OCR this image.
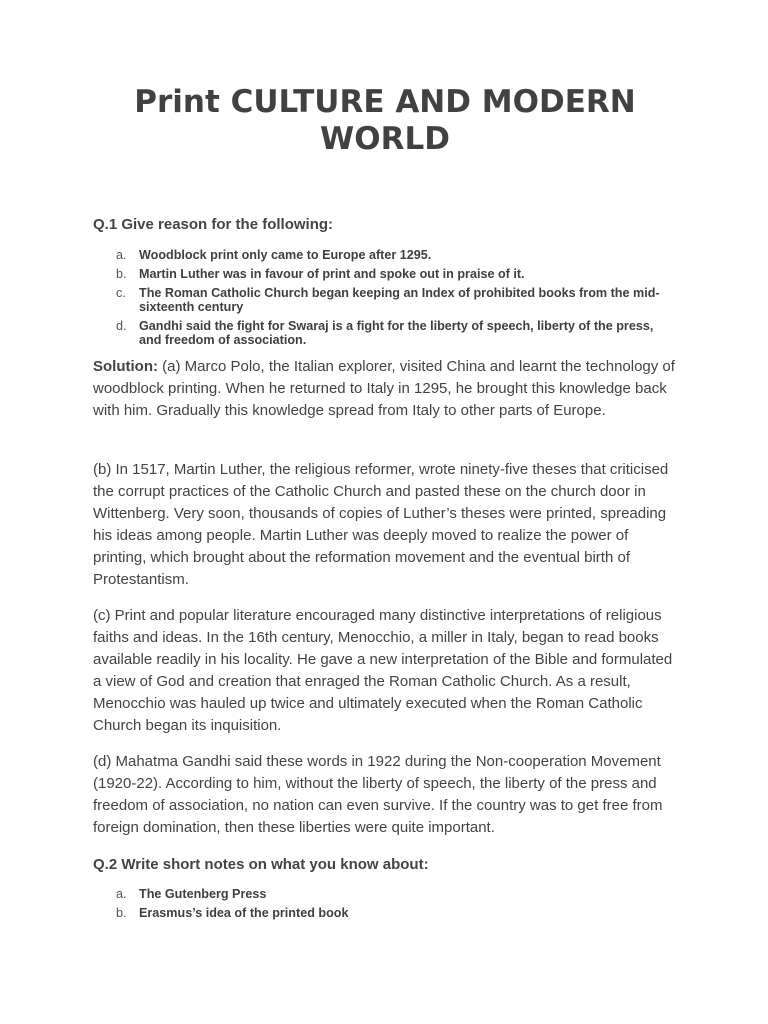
Print CULTURE AND MODERN WORLD

Q.1 Give reason for the following:

a. Woodblock print only came to Europe after 1295.
b. Martin Luther was in favour of print and spoke out in praise of it.
c. The Roman Catholic Church began keeping an Index of prohibited books from the mid-sixteenth century
d. Gandhi said the fight for Swaraj is a fight for the liberty of speech, liberty of the press, and freedom of association.

Solution: (a) Marco Polo, the Italian explorer, visited China and learnt the technology of woodblock printing. When he returned to Italy in 1295, he brought this knowledge back with him. Gradually this knowledge spread from Italy to other parts of Europe.

(b) In 1517, Martin Luther, the religious reformer, wrote ninety-five theses that criticised the corrupt practices of the Catholic Church and pasted these on the church door in Wittenberg. Very soon, thousands of copies of Luther’s theses were printed, spreading his ideas among people. Martin Luther was deeply moved to realize the power of printing, which brought about the reformation movement and the eventual birth of Protestantism.

(c) Print and popular literature encouraged many distinctive interpretations of religious faiths and ideas. In the 16th century, Menocchio, a miller in Italy, began to read books available readily in his locality. He gave a new interpretation of the Bible and formulated a view of God and creation that enraged the Roman Catholic Church. As a result, Menocchio was hauled up twice and ultimately executed when the Roman Catholic Church began its inquisition.

(d) Mahatma Gandhi said these words in 1922 during the Non-cooperation Movement (1920-22). According to him, without the liberty of speech, the liberty of the press and freedom of association, no nation can even survive. If the country was to get free from foreign domination, then these liberties were quite important.

Q.2 Write short notes on what you know about:

a. The Gutenberg Press
b. Erasmus’s idea of the printed book
